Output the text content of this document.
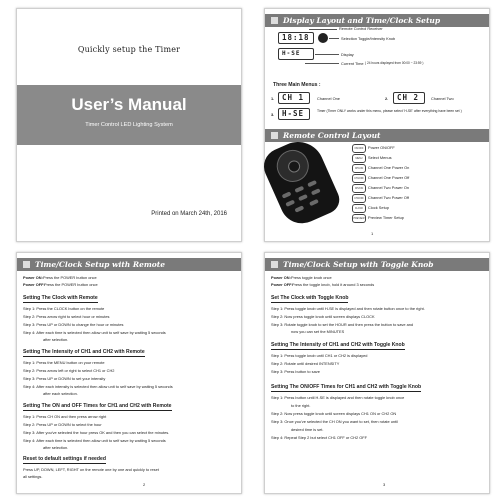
Quickly setup the Timer
User’s Manual
Timer Control LED Lighting System
Printed on March 24th, 2016
Display Layout and Time/Clock Setup
18:18
H-SE
Remote Control Receiver
Selection Toggle/Intensity Knob
Display
Current Time ( 24 hours displayed from 00:00 ~ 23:59 )
Three Main Menus :
1.	CH 1	Channel One	2.	CH 2	Channel Two
3.	H-SE	Timer (Timer ONLY works under this menu, please select 'H-SE' after everything have been set )
Remote Control Layout
1
ON/OFF	Power ON/OFF
MENU	Select Menus
CH1ON	Channel One Power On
CH1OFF	Channel One Power Off
CH2ON	Channel Two Power On
CH2OFF	Channel Two Power Off
CLOCK	Clock Setup
PREVIEW Preview Timer Setup
Time/Clock Setup with Remote
Power ON: Press the POWER button once
Power OFF: Press the POWER button once
Setting The Clock with Remote
Step 1: Press the CLOCK button on the remote
Step 2: Press arrow right to select hour or minutes
Step 3: Press UP or DOWN to change the hour or minutes
Step 4: After each time is selected then allow unit to self save by waiting 5 seconds
after selection.
Setting The Intensity of CH1 and CH2 with Remote
Step 1: Press the MENU button on your remote
Step 2: Press arrow left or right to select CH1 or CH2
Step 3: Press UP or DOWN to set your intensity
Step 4: After each intensity is selected then allow unit to self save by waiting 5 seconds
after each selection.
Setting The ON and OFF Times for CH1 and CH2 with Remote
Step 1: Press CH ON and then press arrow right
Step 2: Press UP or DOWN to select the hour
Step 3: After you've selected the hour press OK and then you can select the minutes.
Step 4: After each time is selected then allow unit to self save by waiting 5 seconds
after selection.
Reset to default settings if needed
Press UP, DOWN, LEFT, RIGHT on the remote one by one and quickly to reset
all settings.
2
Time/Clock Setup with Toggle Knob
Power ON: Press toggle knob once
Power OFF: Press the toggle knob, hold it around 3 seconds
Set The Clock with Toggle Knob
Step 1: Press toggle knob until H-SE is displayed and then rotate button once to the right.
Step 2: Now press toggle knob until screen displays CLOCK
Step 3: Rotate toggle knob to set the HOUR and then press the button to save and
now you can set the MINUTES
Setting The Intensity of CH1 and CH2 with Toggle Knob
Step 1: Press toggle knob until CH1 or CH2 is displayed
Step 2: Rotate until desired INTENSITY
Step 3: Press button to save
Setting The ON/OFF Times for CH1 and CH2 with Toggle Knob
Step 1: Press button until H-SE is displayed and then rotate toggle knob once
to the right.
Step 2: Now press toggle knob until screen displays CH1 ON or CH2 ON
Step 3: Once you've selected the CH ON you want to set, then rotate until
desired time is set.
Step 4: Repeat Step 2 but select CH1 OFF or CH2 OFF
3
